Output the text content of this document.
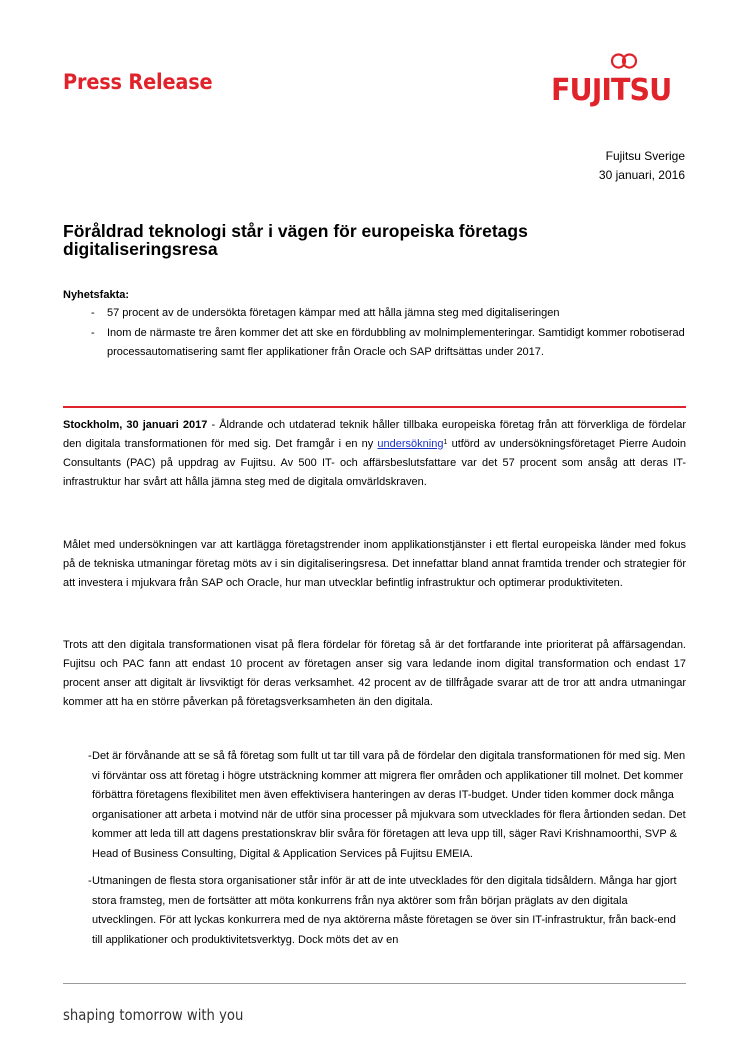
Press Release	FUJITSU
Fujitsu Sverige
30 januari, 2016
Föråldrad teknologi står i vägen för europeiska företags digitaliseringsresa
Nyhetsfakta:
- 57 procent av de undersökta företagen kämpar med att hålla jämna steg med digitaliseringen
- Inom de närmaste tre åren kommer det att ske en fördubbling av molnimplementeringar. Samtidigt kommer robotiserad processautomatisering samt fler applikationer från Oracle och SAP driftsättas under 2017.

Stockholm, 30 januari 2017 - Åldrande och utdaterad teknik håller tillbaka europeiska företag från att förverkliga de fördelar den digitala transformationen för med sig. Det framgår i en ny undersökning$^1$ utförd av undersökningsföretaget Pierre Audoin Consultants (PAC) på uppdrag av Fujitsu. Av 500 IT- och affärsbeslutsfattare var det 57 procent som ansåg att deras IT-infrastruktur har svårt att hålla jämna steg med de digitala omvärldskraven.

Målet med undersökningen var att kartlägga företagstrender inom applikationstjänster i ett flertal europeiska länder med fokus på de tekniska utmaningar företag möts av i sin digitaliseringsresa. Det innefattar bland annat framtida trender och strategier för att investera i mjukvara från SAP och Oracle, hur man utvecklar befintlig infrastruktur och optimerar produktiviteten.

Trots att den digitala transformationen visat på flera fördelar för företag så är det fortfarande inte prioriterat på affärsagendan. Fujitsu och PAC fann att endast 10 procent av företagen anser sig vara ledande inom digital transformation och endast 17 procent anser att digitalt är livsviktigt för deras verksamhet. 42 procent av de tillfrågade svarar att de tror att andra utmaningar kommer att ha en större påverkan på företagsverksamheten än den digitala.

- Det är förvånande att se så få företag som fullt ut tar till vara på de fördelar den digitala transformationen för med sig. Men vi förväntar oss att företag i högre utsträckning kommer att migrera fler områden och applikationer till molnet. Det kommer förbättra företagens flexibilitet men även effektivisera hanteringen av deras IT-budget. Under tiden kommer dock många organisationer att arbeta i motvind när de utför sina processer på mjukvara som utvecklades för flera årtionden sedan. Det kommer att leda till att dagens prestationskrav blir svåra för företagen att leva upp till, säger Ravi Krishnamoorthi, SVP & Head of Business Consulting, Digital & Application Services på Fujitsu EMEIA.
- Utmaningen de flesta stora organisationer står inför är att de inte utvecklades för den digitala tidsåldern. Många har gjort stora framsteg, men de fortsätter att möta konkurrens från nya aktörer som från början präglats av den digitala utvecklingen. För att lyckas konkurrera med de nya aktörerna måste företagen se över sin IT-infrastruktur, från back-end till applikationer och produktivitetsverktyg. Dock möts det av en
shaping tomorrow with you
